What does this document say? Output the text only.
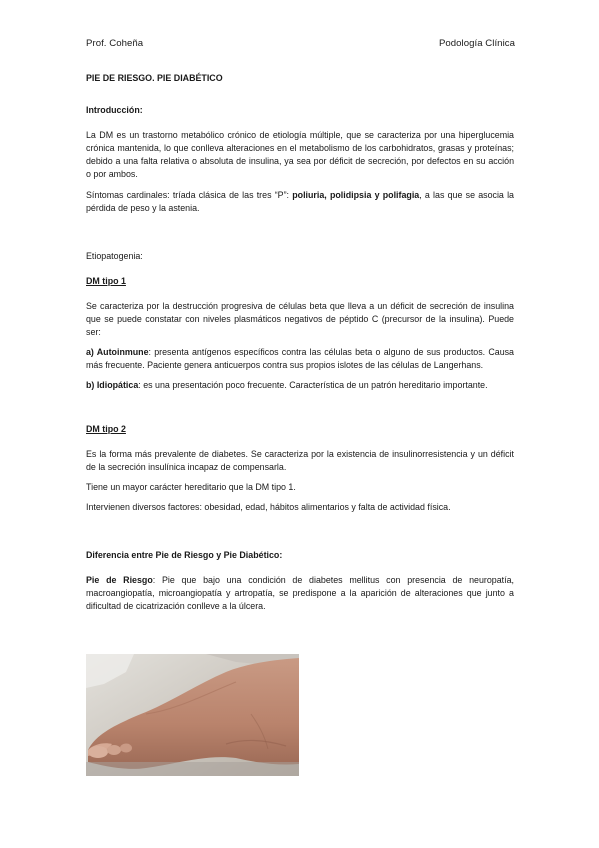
Prof. Coheña	Podología Clínica

PIE DE RIESGO. PIE DIABÉTICO

Introducción:

La DM es un trastorno metabólico crónico de etiología múltiple, que se caracteriza por una hiperglucemia crónica mantenida, lo que conlleva alteraciones en el metabolismo de los carbohidratos, grasas y proteínas; debido a una falta relativa o absoluta de insulina, ya sea por déficit de secreción, por defectos en su acción o por ambos.

Síntomas cardinales: tríada clásica de las tres “P”: poliuria, polidipsia y polifagia, a las que se asocia la pérdida de peso y la astenia.

Etiopatogenia:

DM tipo 1

Se caracteriza por la destrucción progresiva de células beta que lleva a un déficit de secreción de insulina que se puede constatar con niveles plasmáticos negativos de péptido C (precursor de la insulina). Puede ser:

a) Autoinmune: presenta antígenos específicos contra las células beta o alguno de sus productos. Causa más frecuente. Paciente genera anticuerpos contra sus propios islotes de las células de Langerhans.

b) Idiopática: es una presentación poco frecuente. Característica de un patrón hereditario importante.

DM tipo 2

Es la forma más prevalente de diabetes. Se caracteriza por la existencia de insulinorresistencia y un déficit de la secreción insulínica incapaz de compensarla.

Tiene un mayor carácter hereditario que la DM tipo 1.

Intervienen diversos factores: obesidad, edad, hábitos alimentarios y falta de actividad física.

Diferencia entre Pie de Riesgo y Pie Diabético:

Pie de Riesgo: Pie que bajo una condición de diabetes mellitus con presencia de neuropatía, macroangiopatía, microangiopatía y artropatía, se predispone a la aparición de alteraciones que junto a dificultad de cicatrización conlleve a la úlcera.
